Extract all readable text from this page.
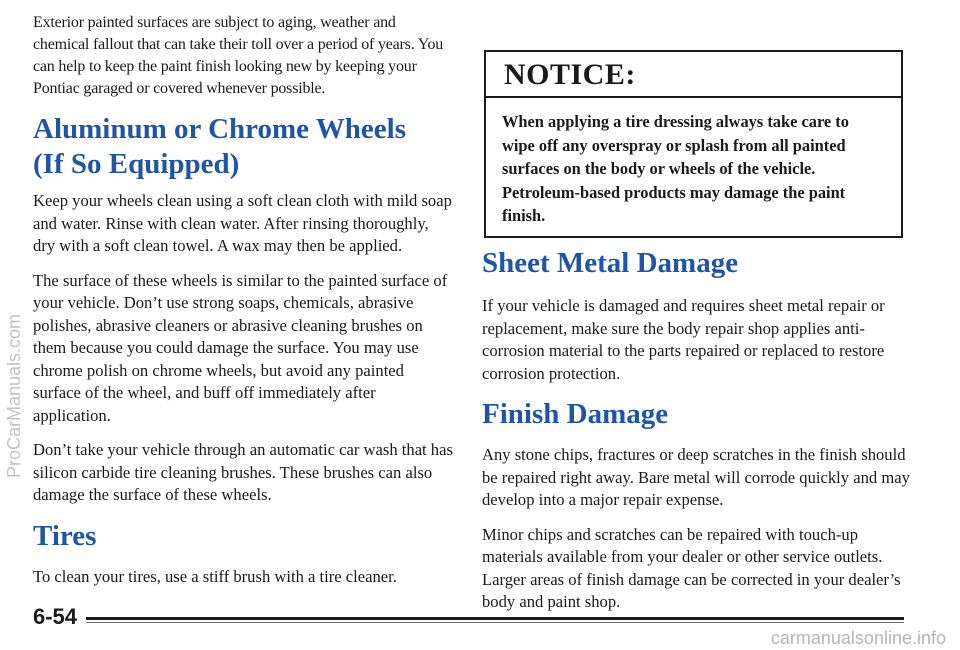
Exterior painted surfaces are subject to aging, weather and chemical fallout that can take their toll over a period of years. You can help to keep the paint finish looking new by keeping your Pontiac garaged or covered whenever possible.

Aluminum or Chrome Wheels
(If So Equipped)

Keep your wheels clean using a soft clean cloth with mild soap and water. Rinse with clean water. After rinsing thoroughly, dry with a soft clean towel. A wax may then be applied.

The surface of these wheels is similar to the painted surface of your vehicle. Don’t use strong soaps, chemicals, abrasive polishes, abrasive cleaners or abrasive cleaning brushes on them because you could damage the surface. You may use chrome polish on chrome wheels, but avoid any painted surface of the wheel, and buff off immediately after application.

Don’t take your vehicle through an automatic car wash that has silicon carbide tire cleaning brushes. These brushes can also damage the surface of these wheels.

Tires

To clean your tires, use a stiff brush with a tire cleaner.

NOTICE:
When applying a tire dressing always take care to wipe off any overspray or splash from all painted surfaces on the body or wheels of the vehicle. Petroleum-based products may damage the paint finish.
Sheet Metal Damage

If your vehicle is damaged and requires sheet metal repair or replacement, make sure the body repair shop applies anti-corrosion material to the parts repaired or replaced to restore corrosion protection.

Finish Damage

Any stone chips, fractures or deep scratches in the finish should be repaired right away. Bare metal will corrode quickly and may develop into a major repair expense.

Minor chips and scratches can be repaired with touch-up materials available from your dealer or other service outlets. Larger areas of finish damage can be corrected in your dealer’s body and paint shop.

6-54
ProCarManuals.com
carmanualsonline.info
